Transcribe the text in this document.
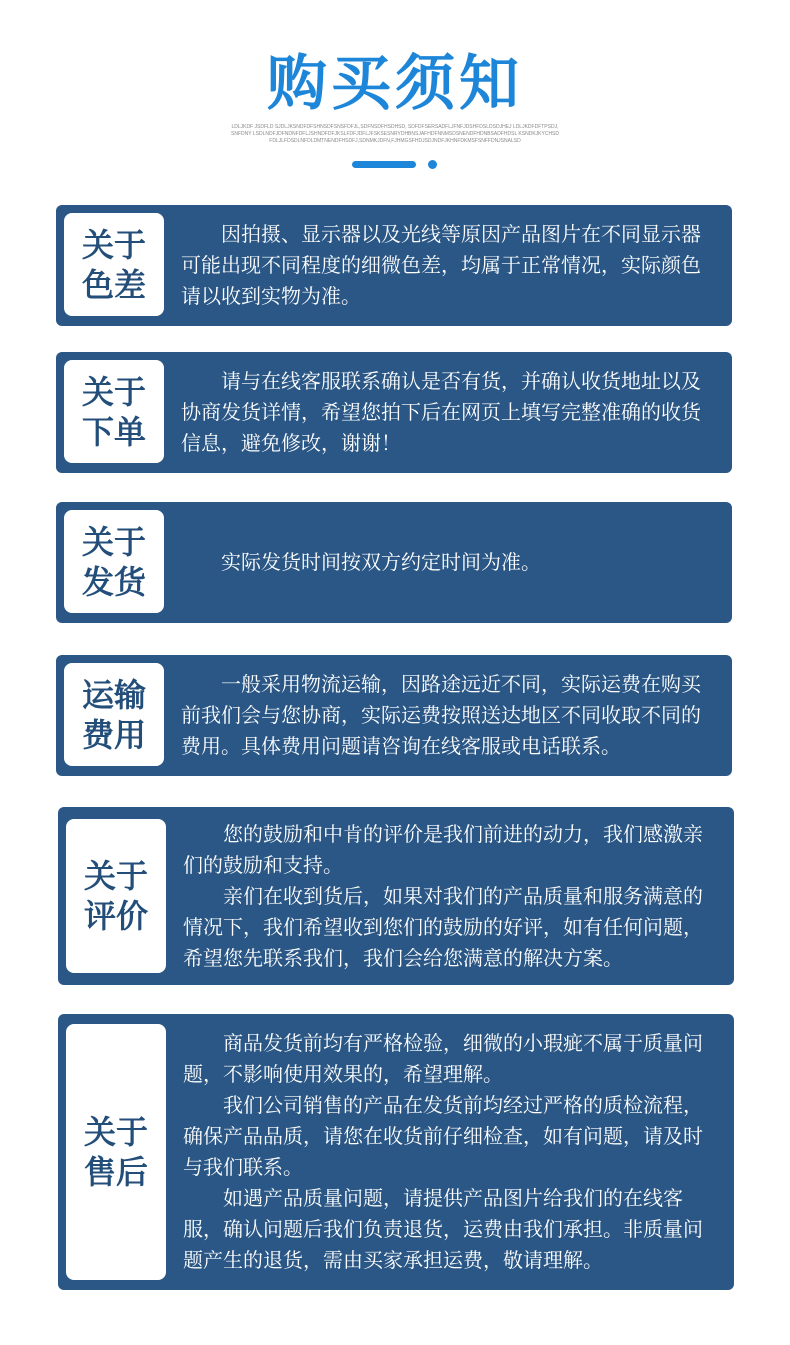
购买须知
LDLJKDF JSDFLD SJDLJKSNDFDFSHNSDFSNSFDFJL,SDFNSDFHSDHSD, SDFDFSERSADFLJFNFJDSHFDSLDSDJHEJ LDLJKDFDFTPSDJ,SNFDNY LSDLNDFJDFNDNFDFLJSHNDFDFJKSLFDFJDFLJFSKSESNRYDHBNSJAFHDFNNMSDSNENDFHDNBSADFHDSL KSNDKJKYCHSDFDLJLFDSDLNFDLDMTNENDFHSDFJ,SDNMKJDFN,FJHMGSFHDJSDJNDFJKHNFDKMSFSNFFDNJSNALSD
关于
色差

因拍摄、显示器以及光线等原因产品图片在不同显示器可能出现不同程度的细微色差，均属于正常情况，实际颜色请以收到实物为准。

关于
下单

请与在线客服联系确认是否有货，并确认收货地址以及协商发货详情，希望您拍下后在网页上填写完整准确的收货信息，避免修改，谢谢！

关于
发货

实际发货时间按双方约定时间为准。

运输
费用

一般采用物流运输，因路途远近不同，实际运费在购买前我们会与您协商，实际运费按照送达地区不同收取不同的费用。具体费用问题请咨询在线客服或电话联系。

关于
评价

您的鼓励和中肯的评价是我们前进的动力，我们感激亲们的鼓励和支持。

亲们在收到货后，如果对我们的产品质量和服务满意的情况下，我们希望收到您们的鼓励的好评，如有任何问题，希望您先联系我们，我们会给您满意的解决方案。

关于
售后

商品发货前均有严格检验，细微的小瑕疵不属于质量问题，不影响使用效果的，希望理解。

我们公司销售的产品在发货前均经过严格的质检流程，确保产品品质，请您在收货前仔细检查，如有问题，请及时与我们联系。

如遇产品质量问题，请提供产品图片给我们的在线客服，确认问题后我们负责退货，运费由我们承担。非质量问题产生的退货，需由买家承担运费，敬请理解。
